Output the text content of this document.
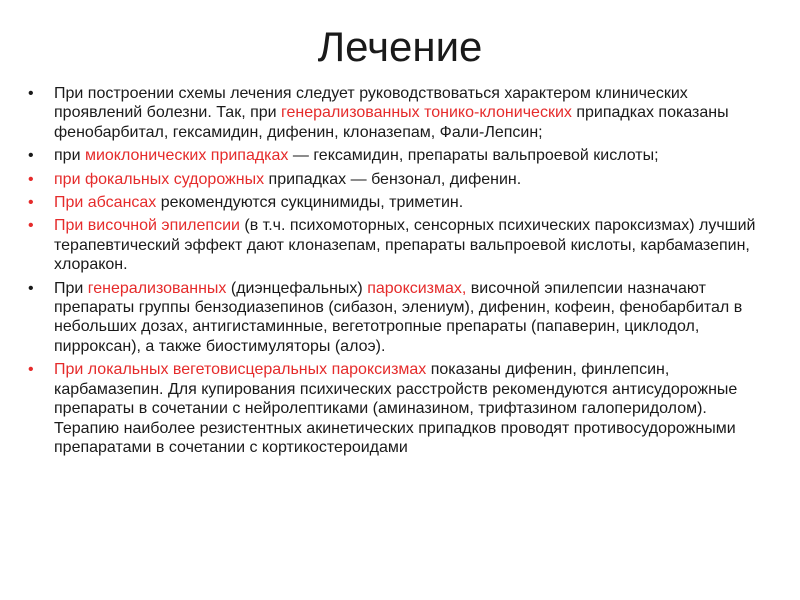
Лечение
• При построении схемы лечения следует руководствоваться характером клинических проявлений болезни. Так, при генерализованных тонико-клонических припадках показаны фенобарбитал, гексамидин, дифенин, клоназепам, Фали-Лепсин;
• при миоклонических припадках — гексамидин, препараты вальпроевой кислоты;
• при фокальных судорожных припадках — бензонал, дифенин.
• При абсансах рекомендуются сукцинимиды, триметин.
• При височной эпилепсии (в т.ч. психомоторных, сенсорных психических пароксизмах) лучший терапевтический эффект дают клоназепам, препараты вальпроевой кислоты, карбамазепин, хлоракон.
• При генерализованных (диэнцефальных) пароксизмах, височной эпилепсии назначают препараты группы бензодиазепинов (сибазон, элениум), дифенин, кофеин, фенобарбитал в небольших дозах, антигистаминные, вегетотропные препараты (папаверин, циклодол, пирроксан), а также биостимуляторы (алоэ).
• При локальных вегетовисцеральных пароксизмах показаны дифенин, финлепсин, карбамазепин. Для купирования психических расстройств рекомендуются антисудорожные препараты в сочетании с нейролептиками (аминазином, трифтазином галоперидолом). Терапию наиболее резистентных акинетических припадков проводят противосудорожными препаратами в сочетании с кортикостероидами
